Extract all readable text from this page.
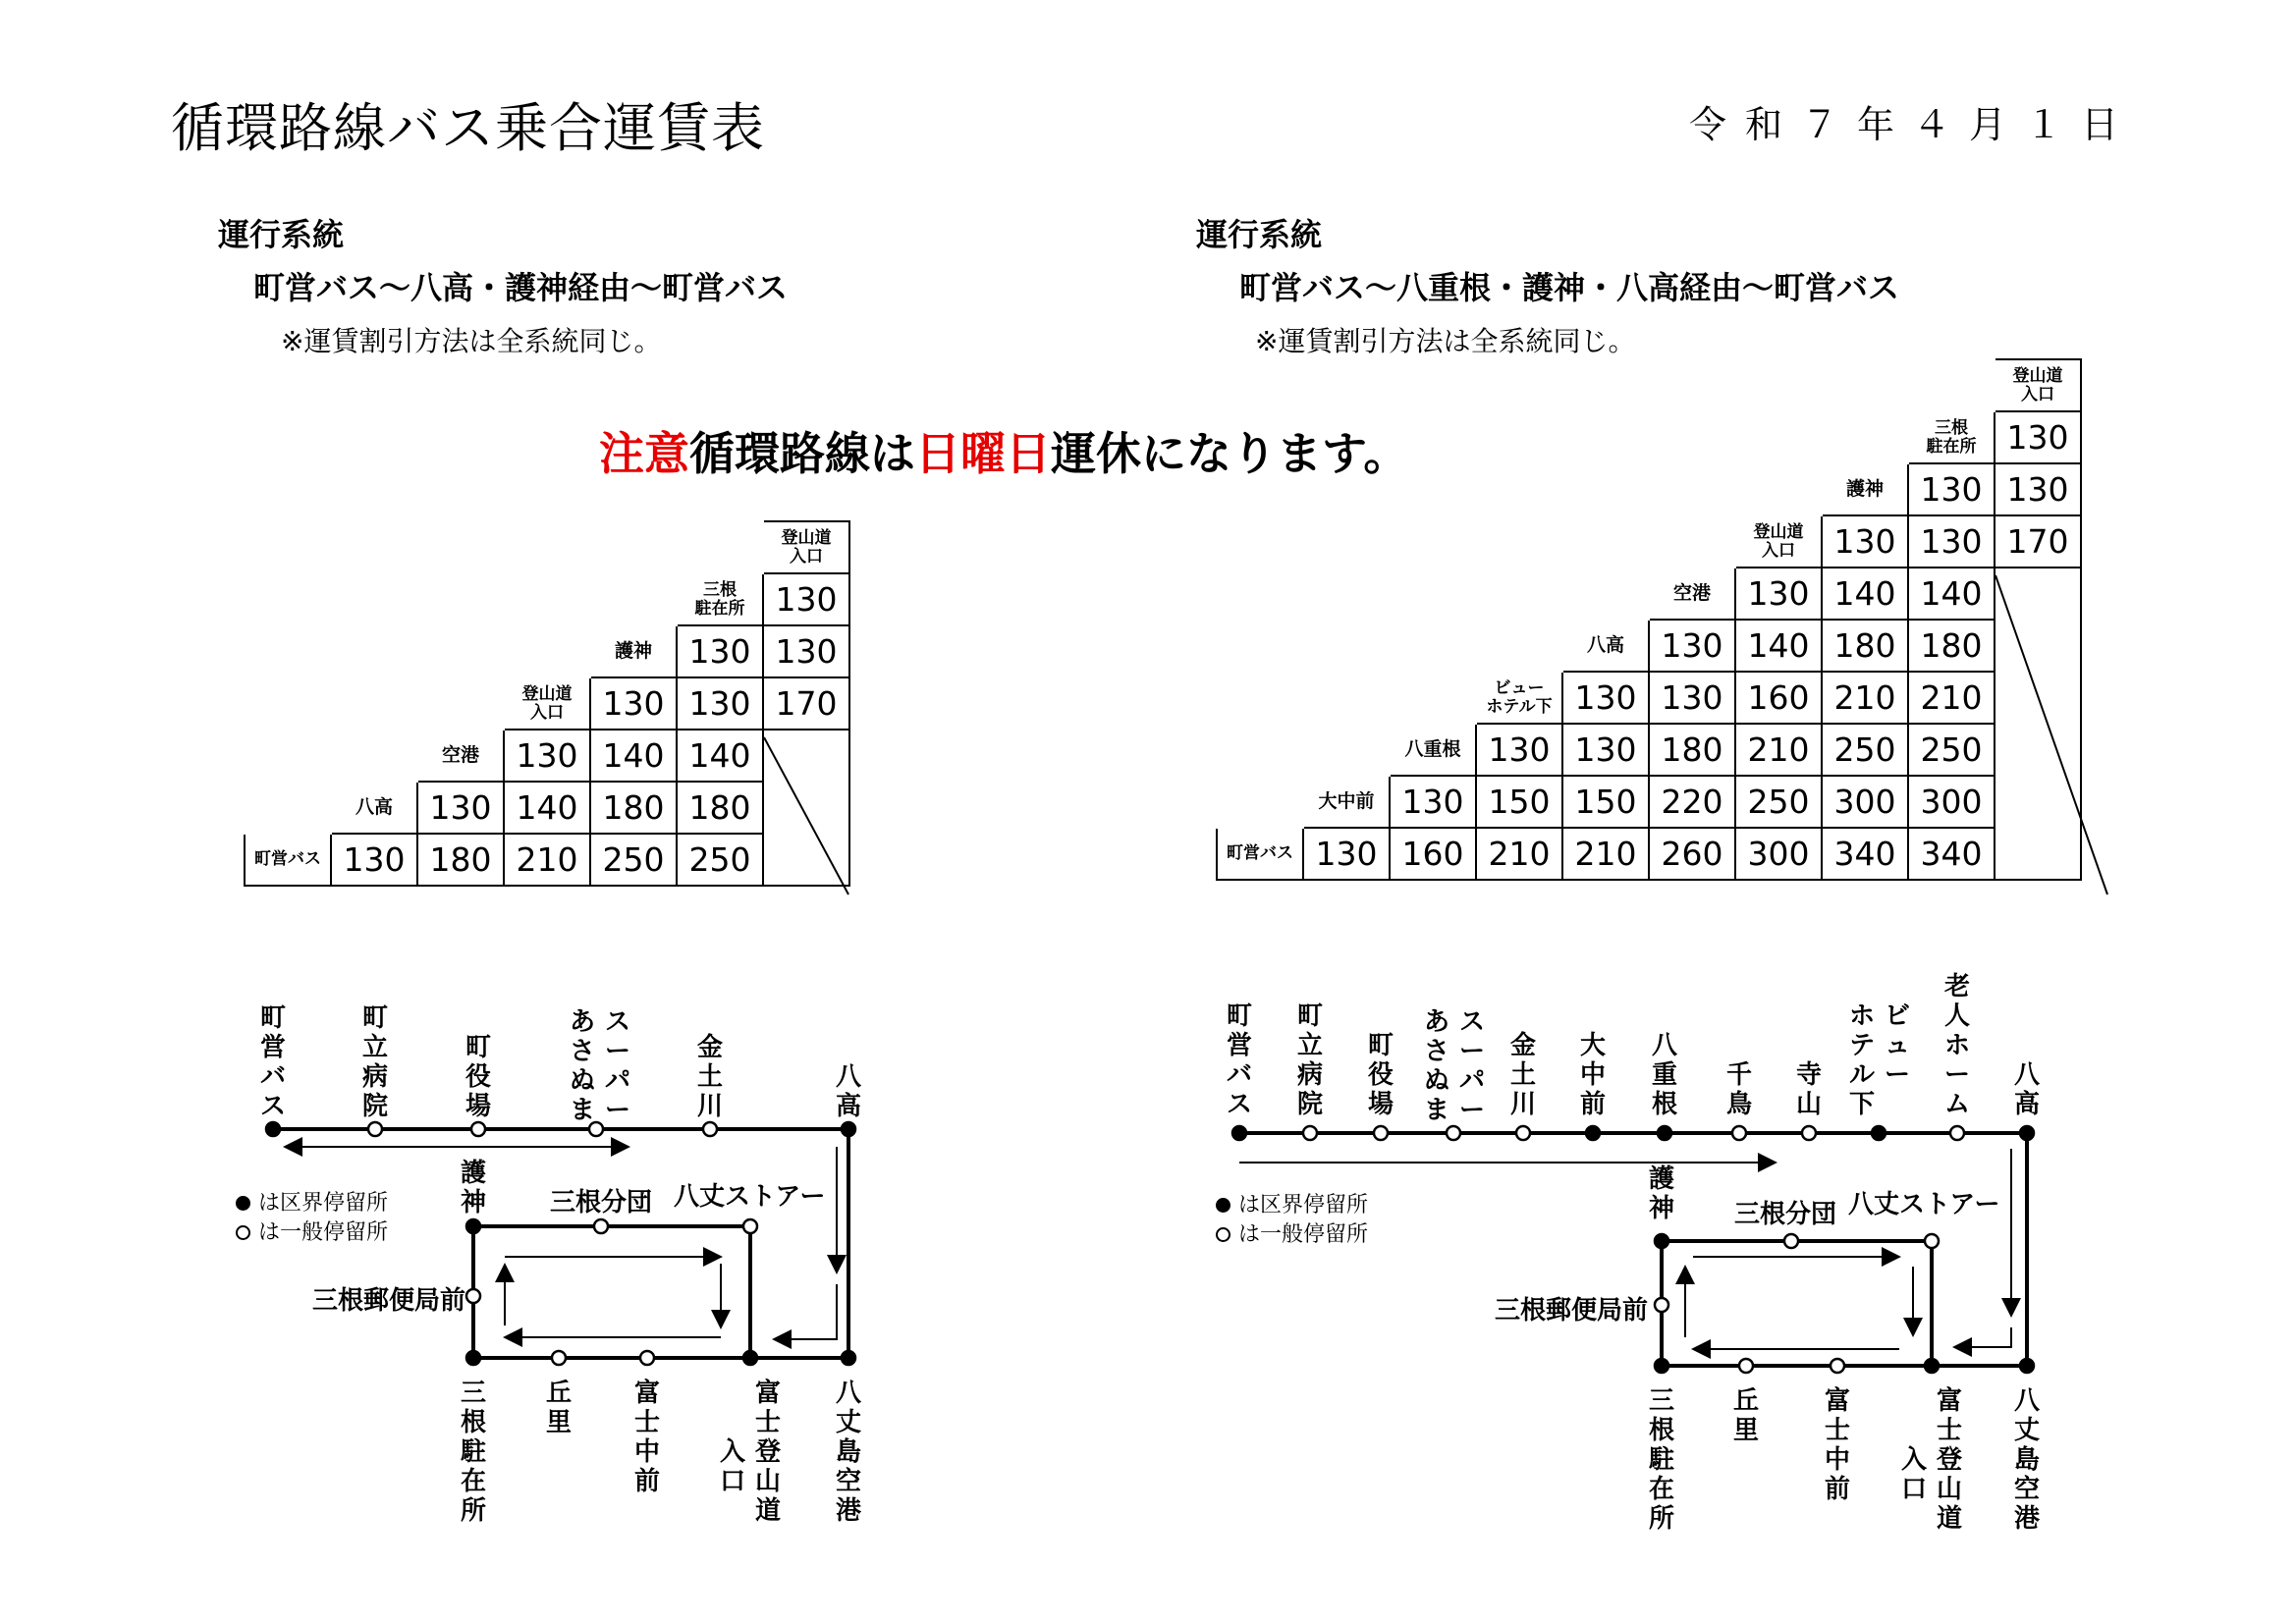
循環路線バス乗合運賃表	令和７年４月１日
運行系統
町営バス〜八高・護神経由〜町営バス
※運賃割引方法は全系統同じ。
運行系統
町営バス〜八重根・護神・八高経由〜町営バス
※運賃割引方法は全系統同じ。
注意循環路線は日曜日運休になります。
						登山道
入口
					三根
駐在所	130
				護神	130	130
			登山道
入口	130	130	170
		空港	130	140	140	
	八高	130	140	180	180	
町営バス	130	180	210	250	250	
									登山道
入口
								三根
駐在所	130
							護神	130	130
						登山道
入口	130	130	170
					空港	130	140	140	
				八高	130	140	180	180	
			ビュー
ホテル下	130	130	160	210	210	
		八重根	130	130	180	210	250	250	
	大中前	130	150	150	220	250	300	300	
町営バス	130	160	210	210	260	300	340	340	
町
営
バ
ス
町
立
病
院
町
役
場
ス
ー
パ
ー
あ
さ
ぬ
ま
金
土
川
八
高
護
神	三根分団 八丈ストアー
三根郵便局前
三
根
駐
在
所
丘
里
富
士
中
前
富
士
登
山
道
入
口
八
丈
島
空
港
は区界停留所
は一般停留所
町
営
バ
ス
町
立
病
院
町
役
場
ス
ー
パ
ー
あ
さ
ぬ
ま
金
土
川
大
中
前
八
重
根
千
鳥
寺
山
ビ
ュ
ー
ホ
テ
ル
下
老
人
ホ
ー
ム
八
高
護
神 三根分団 八丈ストアー
三根郵便局前
三
根
駐
在
所
丘
里
富
士
中
前
富
士
登
山
道
入
口
八
丈
島
空
港
は区界停留所
は一般停留所
